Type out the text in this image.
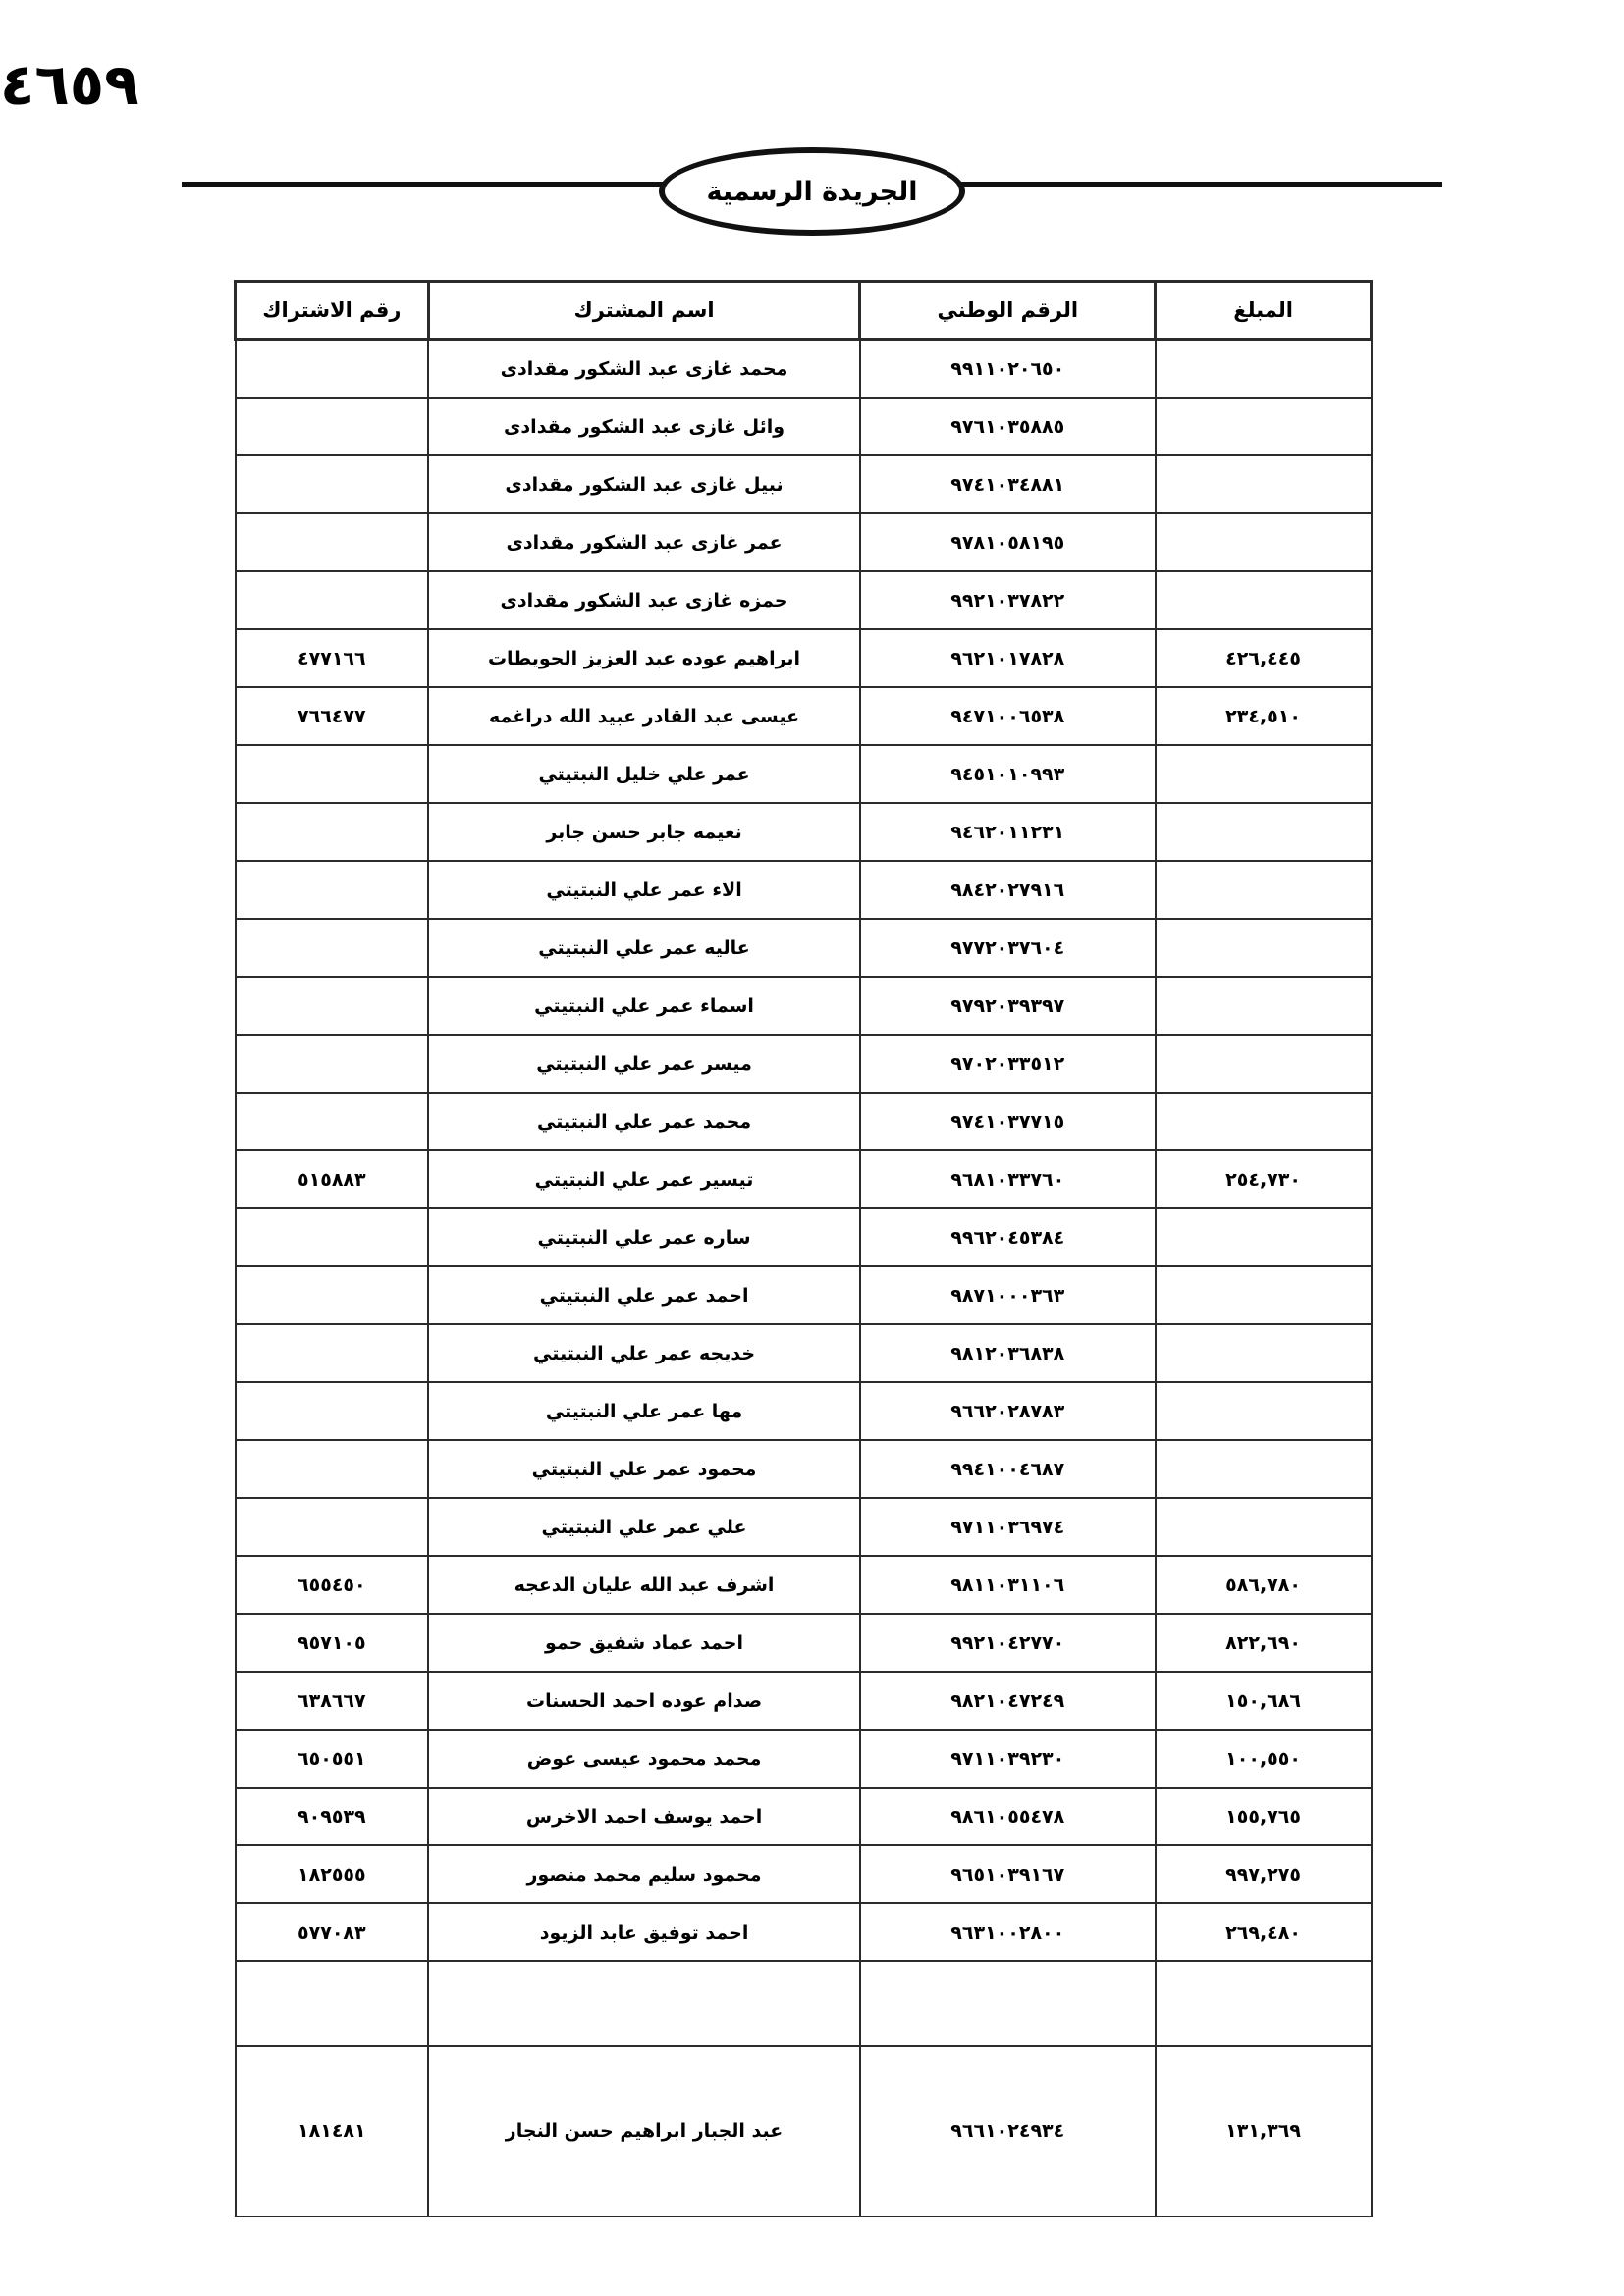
٤٦٥٩
الجريدة الرسمية
المبلغ	الرقم الوطني	اسم المشترك	رقم الاشتراك
	٩٩١١٠٢٠٦٥٠	محمد غازى عبد الشكور مقدادى	
	٩٧٦١٠٣٥٨٨٥	وائل غازى عبد الشكور مقدادى	
	٩٧٤١٠٣٤٨٨١	نبيل غازى عبد الشكور مقدادى	
	٩٧٨١٠٥٨١٩٥	عمر غازى عبد الشكور مقدادى	
	٩٩٢١٠٣٧٨٢٢	حمزه غازى عبد الشكور مقدادى	
٤٢٦,٤٤٥	٩٦٢١٠١٧٨٢٨	ابراهيم عوده عبد العزيز الحويطات	٤٧٧١٦٦
٢٣٤,٥١٠	٩٤٧١٠٠٦٥٣٨	عيسى عبد القادر عبيد الله دراغمه	٧٦٦٤٧٧
	٩٤٥١٠١٠٩٩٣	عمر علي خليل النبتيتي	
	٩٤٦٢٠١١٢٣١	نعيمه جابر حسن جابر	
	٩٨٤٢٠٢٧٩١٦	الاء عمر علي النبتيتي	
	٩٧٧٢٠٣٧٦٠٤	عاليه عمر علي النبتيتي	
	٩٧٩٢٠٣٩٣٩٧	اسماء عمر علي النبتيتي	
	٩٧٠٢٠٣٣٥١٢	ميسر عمر علي النبتيتي	
	٩٧٤١٠٣٧٧١٥	محمد عمر علي النبتيتي	
٢٥٤,٧٣٠	٩٦٨١٠٣٣٧٦٠	تيسير عمر علي النبتيتي	٥١٥٨٨٣
	٩٩٦٢٠٤٥٣٨٤	ساره عمر علي النبتيتي	
	٩٨٧١٠٠٠٣٦٣	احمد عمر علي النبتيتي	
	٩٨١٢٠٣٦٨٣٨	خديجه عمر علي النبتيتي	
	٩٦٦٢٠٢٨٧٨٣	مها عمر علي النبتيتي	
	٩٩٤١٠٠٤٦٨٧	محمود عمر علي النبتيتي	
	٩٧١١٠٣٦٩٧٤	علي عمر علي النبتيتي	
٥٨٦,٧٨٠	٩٨١١٠٣١١٠٦	اشرف عبد الله عليان الدعجه	٦٥٥٤٥٠
٨٢٢,٦٩٠	٩٩٢١٠٤٢٧٧٠	احمد عماد شفيق حمو	٩٥٧١٠٥
١٥٠,٦٨٦	٩٨٢١٠٤٧٢٤٩	صدام عوده احمد الحسنات	٦٣٨٦٦٧
١٠٠,٥٥٠	٩٧١١٠٣٩٢٣٠	محمد محمود عيسى عوض	٦٥٠٥٥١
١٥٥,٧٦٥	٩٨٦١٠٥٥٤٧٨	احمد يوسف احمد الاخرس	٩٠٩٥٣٩
٩٩٧,٢٧٥	٩٦٥١٠٣٩١٦٧	محمود سليم محمد منصور	١٨٢٥٥٥
٢٦٩,٤٨٠	٩٦٣١٠٠٢٨٠٠	احمد توفيق عابد الزيود	٥٧٧٠٨٣

١٣١,٣٦٩	٩٦٦١٠٢٤٩٣٤	عبد الجبار ابراهيم حسن النجار	١٨١٤٨١
